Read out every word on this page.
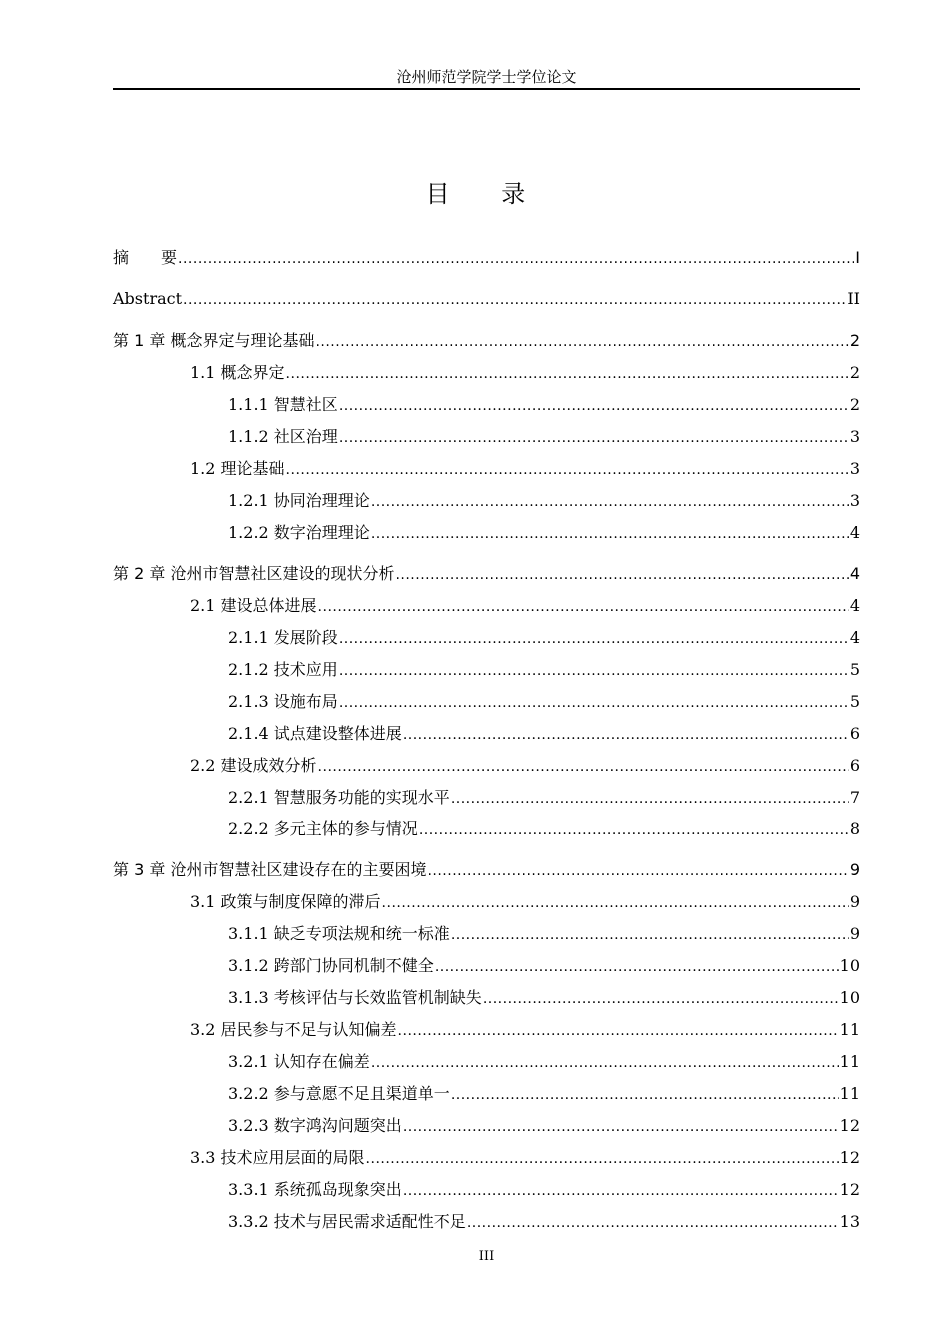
沧州师范学院学士学位论文
目 录
摘　　要 .....	I
Abstract .....	II
第 1 章 概念界定与理论基础 .....	2
1.1 概念界定 .....	2
1.1.1 智慧社区 .....	2
1.1.2 社区治理 .....	3
1.2 理论基础 .....	3
1.2.1 协同治理理论 .....	3
1.2.2 数字治理理论 .....	4
第 2 章 沧州市智慧社区建设的现状分析 .....	4
2.1 建设总体进展 .....	4
2.1.1 发展阶段 .....	4
2.1.2 技术应用 .....	5
2.1.3 设施布局 .....	5
2.1.4 试点建设整体进展 .....	6
2.2 建设成效分析 .....	6
2.2.1 智慧服务功能的实现水平 .....	7
2.2.2 多元主体的参与情况 .....	8
第 3 章 沧州市智慧社区建设存在的主要困境 .....	9
3.1 政策与制度保障的滞后 .....	9
3.1.1 缺乏专项法规和统一标准 .....	9
3.1.2 跨部门协同机制不健全 .....	10
3.1.3 考核评估与长效监管机制缺失 .....	10
3.2 居民参与不足与认知偏差 .....	11
3.2.1 认知存在偏差 .....	11
3.2.2 参与意愿不足且渠道单一 .....	11
3.2.3 数字鸿沟问题突出 .....	12
3.3 技术应用层面的局限 .....	12
3.3.1 系统孤岛现象突出 .....	12
3.3.2 技术与居民需求适配性不足 .....	13
III
